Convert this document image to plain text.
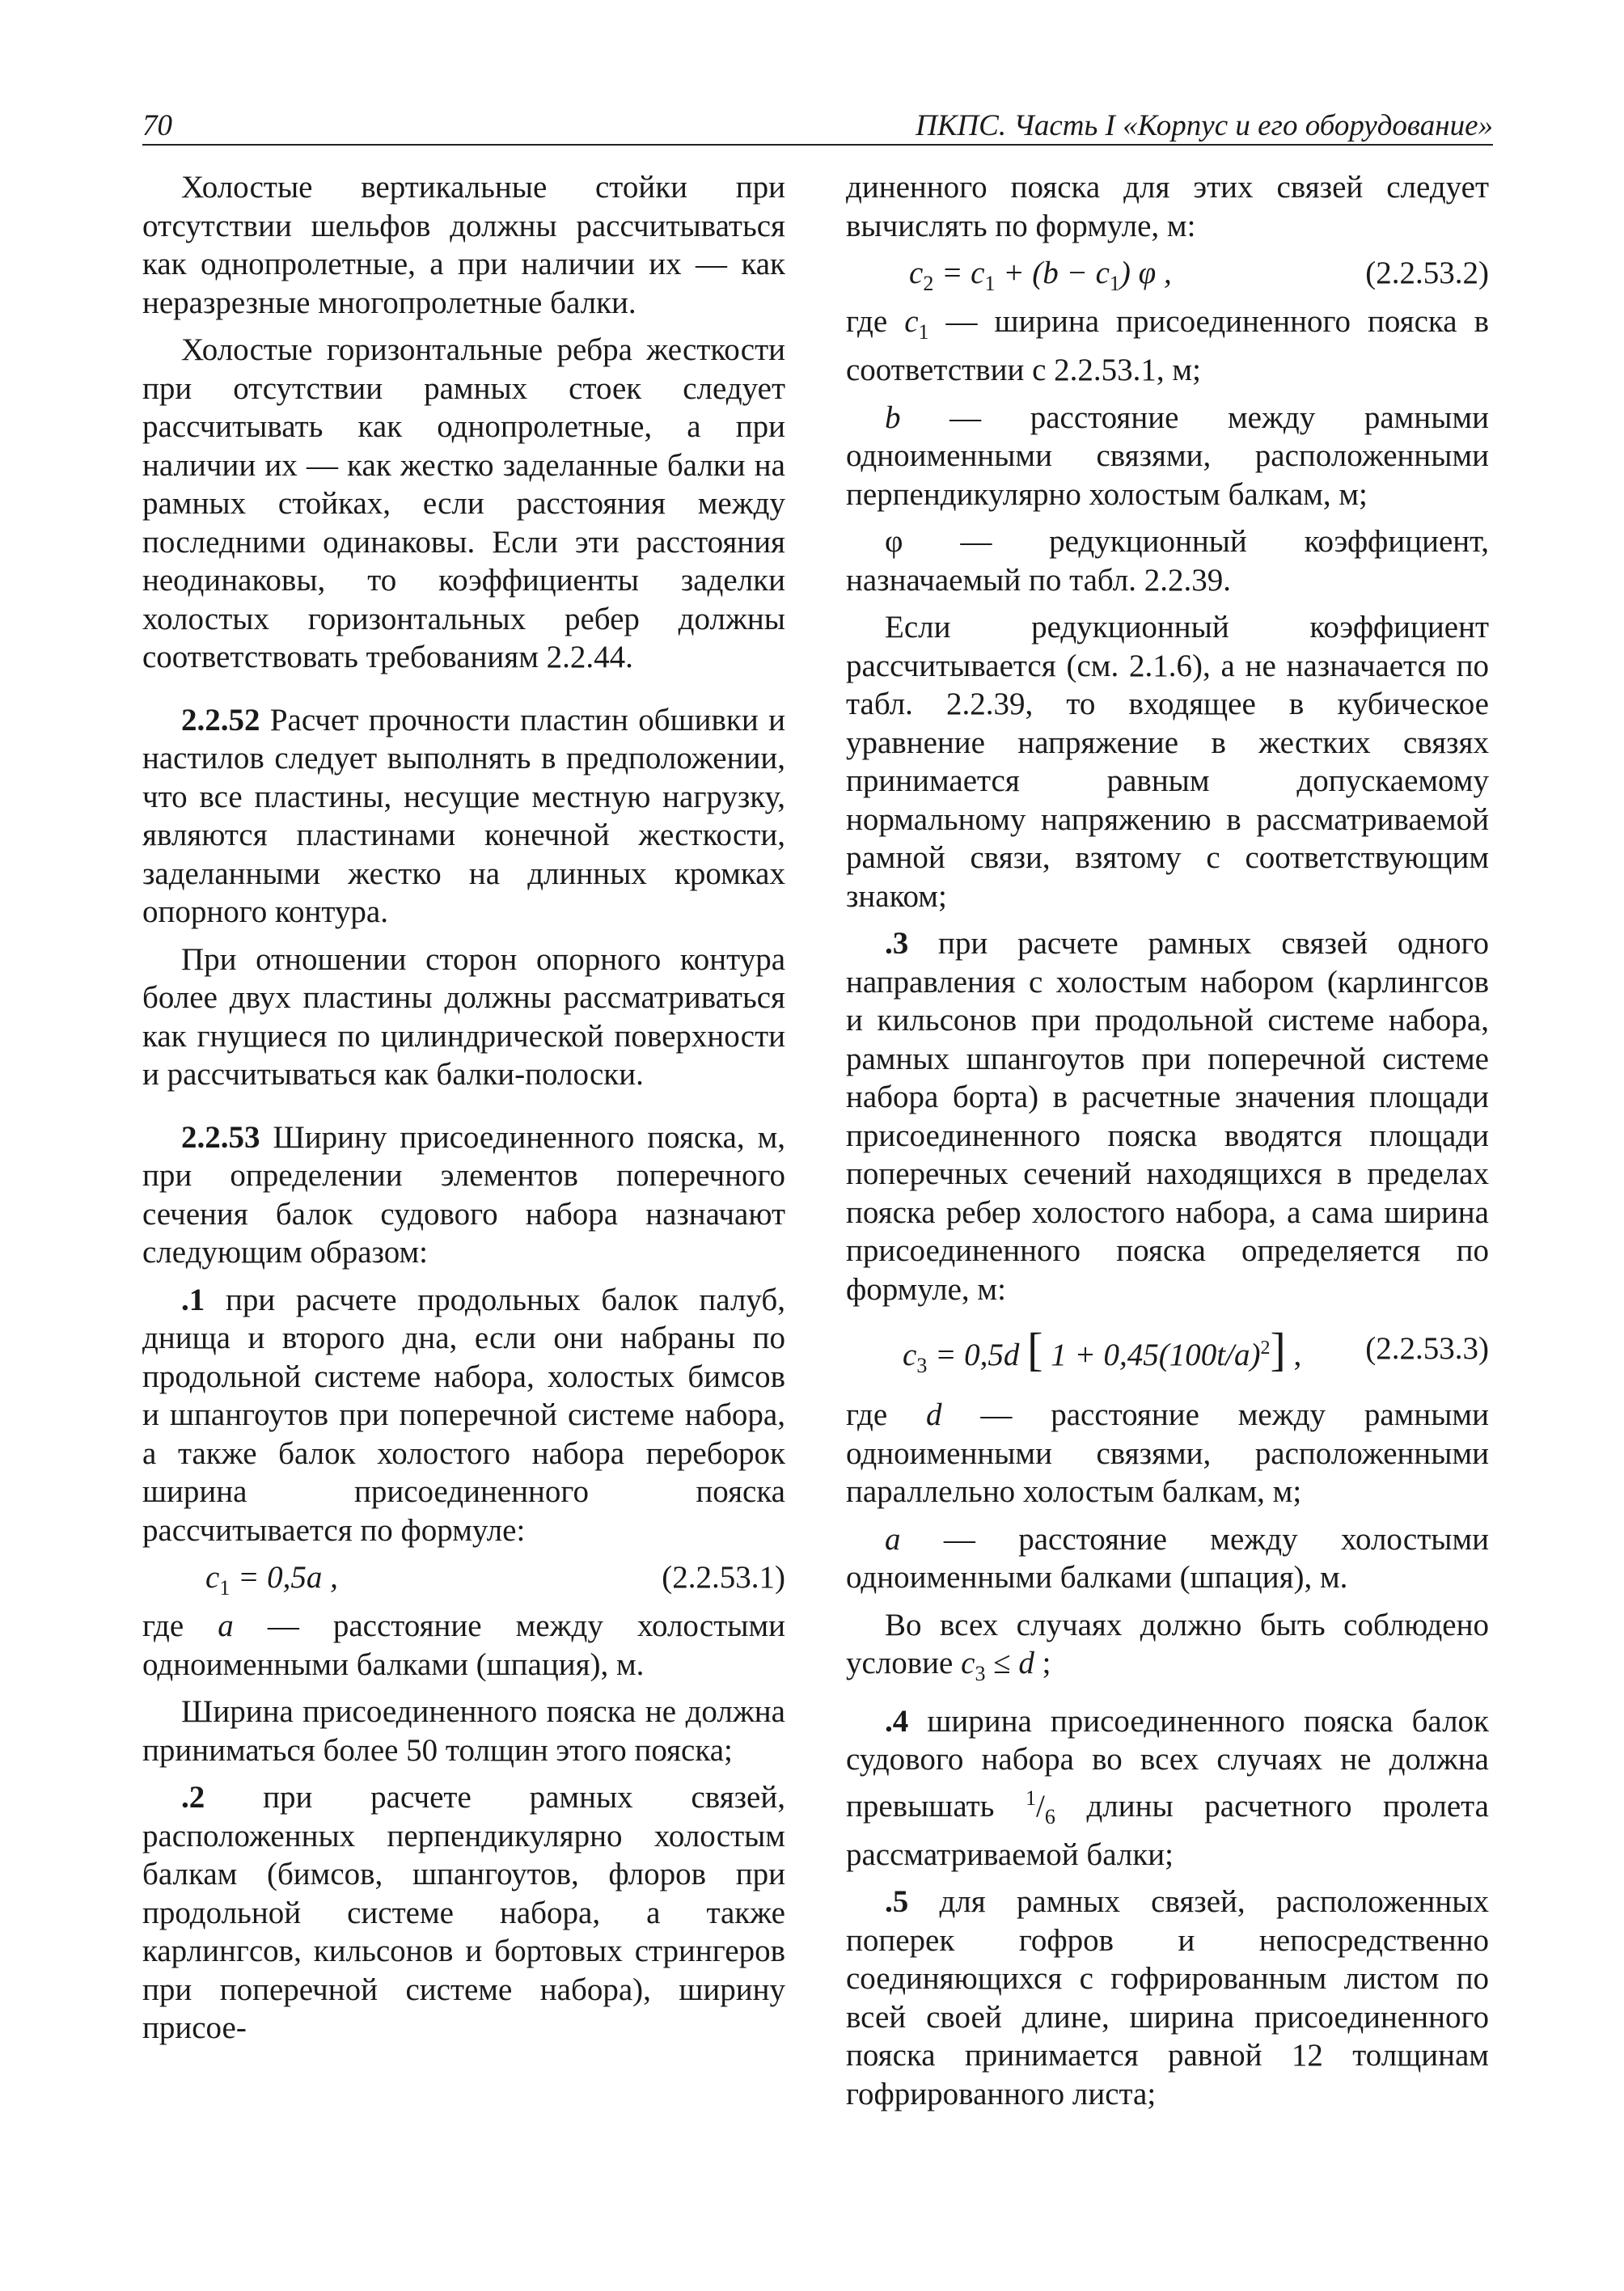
70	ПКПС. Часть I «Корпус и его оборудование»

Холостые вертикальные стойки при отсутствии шельфов должны рассчитываться как однопролетные, а при наличии их — как неразрезные многопролетные балки.

Холостые горизонтальные ребра жесткости при отсутствии рамных стоек следует рассчитывать как однопролетные, а при наличии их — как жестко заделанные балки на рамных стойках, если расстояния между последними одинаковы. Если эти расстояния неодинаковы, то коэффициенты заделки холостых горизонтальных ребер должны соответствовать требованиям 2.2.44.

2.2.52 Расчет прочности пластин обшивки и настилов следует выполнять в предположении, что все пластины, несущие местную нагрузку, являются пластинами конечной жесткости, заделанными жестко на длинных кромках опорного контура.

При отношении сторон опорного контура более двух пластины должны рассматриваться как гнущиеся по цилиндрической поверхности и рассчитываться как балки-полоски.

2.2.53 Ширину присоединенного пояска, м, при определении элементов поперечного сечения балок судового набора назначают следующим образом:

.1 при расчете продольных балок палуб, днища и второго дна, если они набраны по продольной системе набора, холостых бимсов и шпангоутов при поперечной системе набора, а также балок холостого набора переборок ширина присоединенного пояска рассчитывается по формуле:

$c_1 = 0,5a$ ,	(2.2.53.1)

где a — расстояние между холостыми одноименными балками (шпация), м.

Ширина присоединенного пояска не должна приниматься более 50 толщин этого пояска;

.2 при расчете рамных связей, расположенных перпендикулярно холостым балкам (бимсов, шпангоутов, флоров при продольной системе набора, а также карлингсов, кильсонов и бортовых стрингеров при поперечной системе набора), ширину присое-

диненного пояска для этих связей следует вычислять по формуле, м:

$c_2 = c_1 + (b - c_1)$ φ ,	(2.2.53.2)

где $c_1$ — ширина присоединенного пояска в соответствии с 2.2.53.1, м;

b — расстояние между рамными одноименными связями, расположенными перпендикулярно холостым балкам, м;

φ — редукционный коэффициент, назначаемый по табл. 2.2.39.

Если редукционный коэффициент рассчитывается (см. 2.1.6), а не назначается по табл. 2.2.39, то входящее в кубическое уравнение напряжение в жестких связях принимается равным допускаемому нормальному напряжению в рассматриваемой рамной связи, взятому с соответствующим знаком;

.3 при расчете рамных связей одного направления с холостым набором (карлингсов и кильсонов при продольной системе набора, рамных шпангоутов при поперечной системе набора борта) в расчетные значения площади присоединенного пояска вводятся площади поперечных сечений находящихся в пределах пояска ребер холостого набора, а сама ширина присоединенного пояска определяется по формуле, м:

$c_3 = 0,5d$ [ $1 + 0,45(100t/a)^2$] , (2.2.53.3)

где d — расстояние между рамными одноименными связями, расположенными параллельно холостым балкам, м;

a — расстояние между холостыми одноименными балками (шпация), м.

Во всех случаях должно быть соблюдено условие $c_3 \le d$ ;

.4 ширина присоединенного пояска балок судового набора во всех случаях не должна превышать $^1/_6$ длины расчетного пролета рассматриваемой балки;

.5 для рамных связей, расположенных поперек гофров и непосредственно соединяющихся с гофрированным листом по всей своей длине, ширина присоединенного пояска принимается равной 12 толщинам гофрированного листа;
